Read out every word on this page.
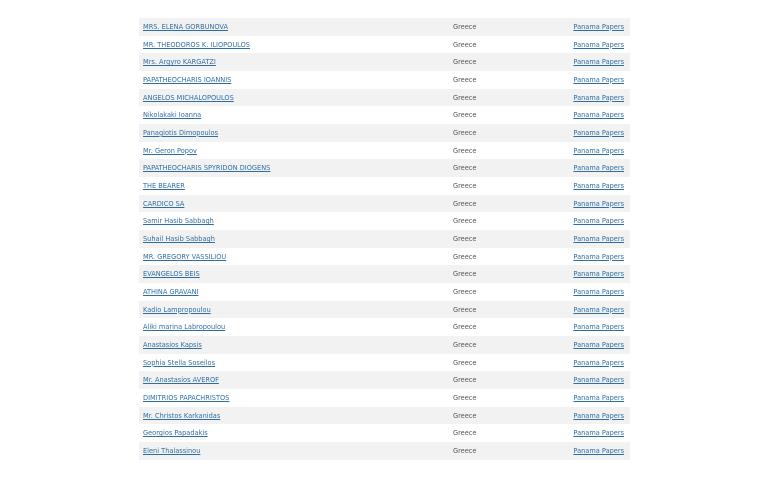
MRS. ELENA GORBUNOVA	Greece	Panama Papers
MR. THEODOROS K. ILIOPOULOS	Greece	Panama Papers
Mrs. Argyro KARGATZI	Greece	Panama Papers
PAPATHEOCHARIS IOANNIS	Greece	Panama Papers
ANGELOS MICHALOPOULOS	Greece	Panama Papers
Nikolakaki Ioanna	Greece	Panama Papers
Panagiotis Dimopoulos	Greece	Panama Papers
Mr. Geron Popov	Greece	Panama Papers
PAPATHEOCHARIS SPYRIDON DIOGENS	Greece	Panama Papers
THE BEARER	Greece	Panama Papers
CARDICO SA	Greece	Panama Papers
Samir Hasib Sabbagh	Greece	Panama Papers
Suhail Hasib Sabbagh	Greece	Panama Papers
MR. GREGORY VASSILIOU	Greece	Panama Papers
EVANGELOS BEIS	Greece	Panama Papers
ATHINA GRAVANI	Greece	Panama Papers
Kadio Lampropoulou	Greece	Panama Papers
Aliki marina Labropoulou	Greece	Panama Papers
Anastasios Kapsis	Greece	Panama Papers
Sophia Stella Soseilos	Greece	Panama Papers
Mr. Anastasios AVEROF	Greece	Panama Papers
DIMITRIOS PAPACHRISTOS	Greece	Panama Papers
Mr. Christos Karkanidas	Greece	Panama Papers
Georgios Papadakis	Greece	Panama Papers
Eleni Thalassinou	Greece	Panama Papers
